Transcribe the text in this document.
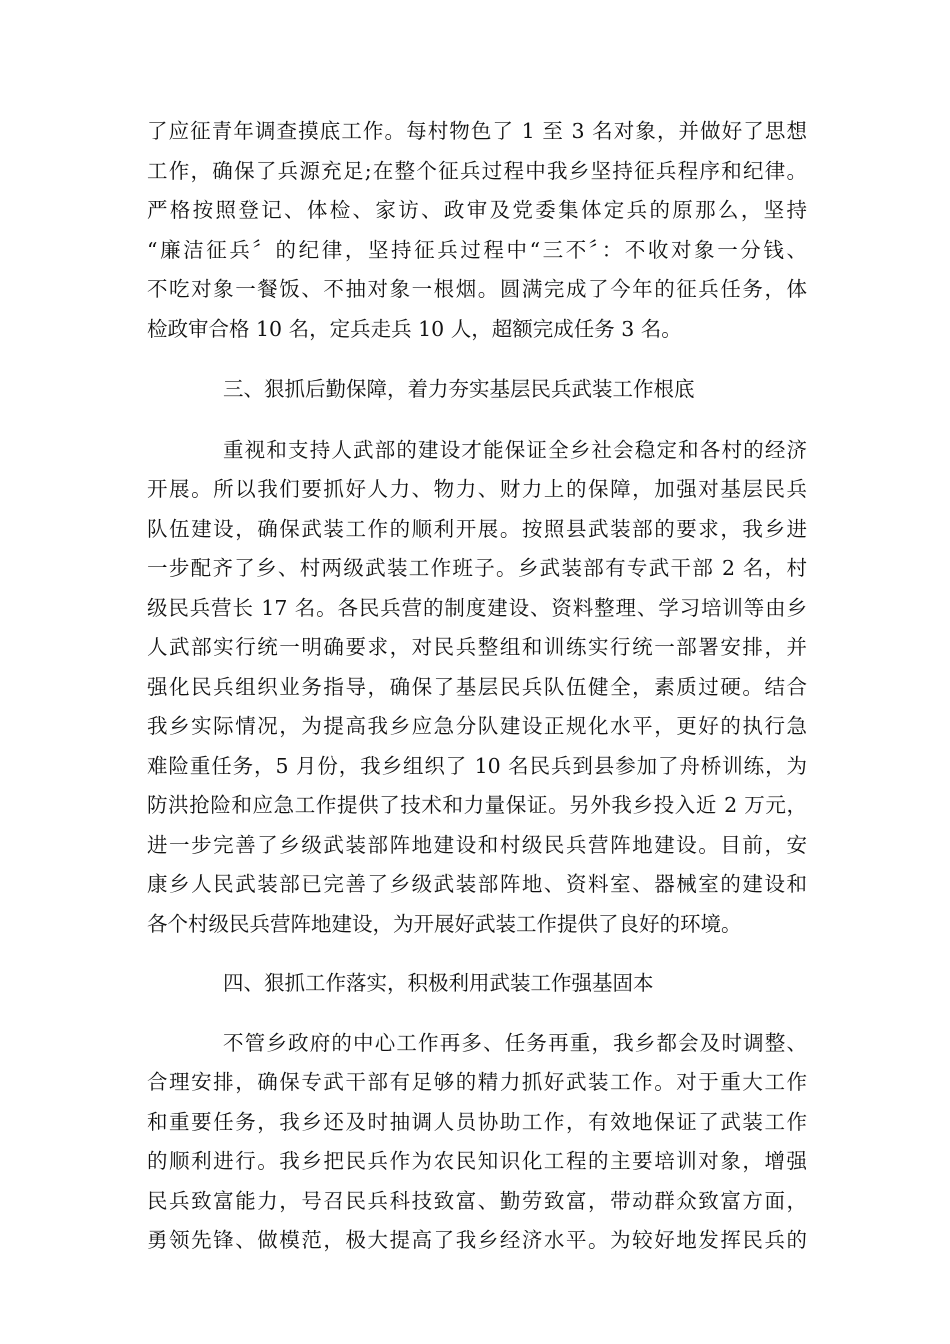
了应征青年调查摸底工作。每村物色了 1 至 3 名对象，并做好了思想
工作，确保了兵源充足;在整个征兵过程中我乡坚持征兵程序和纪律。
严格按照登记、体检、家访、政审及党委集体定兵的原那么，坚持
“廉洁征兵〞的纪律，坚持征兵过程中“三不〞：不收对象一分钱、
不吃对象一餐饭、不抽对象一根烟。圆满完成了今年的征兵任务，体
检政审合格 10 名，定兵走兵 10 人，超额完成任务 3 名。
三、狠抓后勤保障，着力夯实基层民兵武装工作根底
重视和支持人武部的建设才能保证全乡社会稳定和各村的经济
开展。所以我们要抓好人力、物力、财力上的保障，加强对基层民兵
队伍建设，确保武装工作的顺利开展。按照县武装部的要求，我乡进
一步配齐了乡、村两级武装工作班子。乡武装部有专武干部 2 名，村
级民兵营长 17 名。各民兵营的制度建设、资料整理、学习培训等由乡
人武部实行统一明确要求，对民兵整组和训练实行统一部署安排，并
强化民兵组织业务指导，确保了基层民兵队伍健全，素质过硬。结合
我乡实际情况，为提高我乡应急分队建设正规化水平，更好的执行急
难险重任务，5 月份，我乡组织了 10 名民兵到县参加了舟桥训练，为
防洪抢险和应急工作提供了技术和力量保证。另外我乡投入近 2 万元，
进一步完善了乡级武装部阵地建设和村级民兵营阵地建设。目前，安
康乡人民武装部已完善了乡级武装部阵地、资料室、器械室的建设和
各个村级民兵营阵地建设，为开展好武装工作提供了良好的环境。
四、狠抓工作落实，积极利用武装工作强基固本
不管乡政府的中心工作再多、任务再重，我乡都会及时调整、
合理安排，确保专武干部有足够的精力抓好武装工作。对于重大工作
和重要任务，我乡还及时抽调人员协助工作，有效地保证了武装工作
的顺利进行。我乡把民兵作为农民知识化工程的主要培训对象，增强
民兵致富能力，号召民兵科技致富、勤劳致富，带动群众致富方面，
勇领先锋、做模范，极大提高了我乡经济水平。为较好地发挥民兵的
